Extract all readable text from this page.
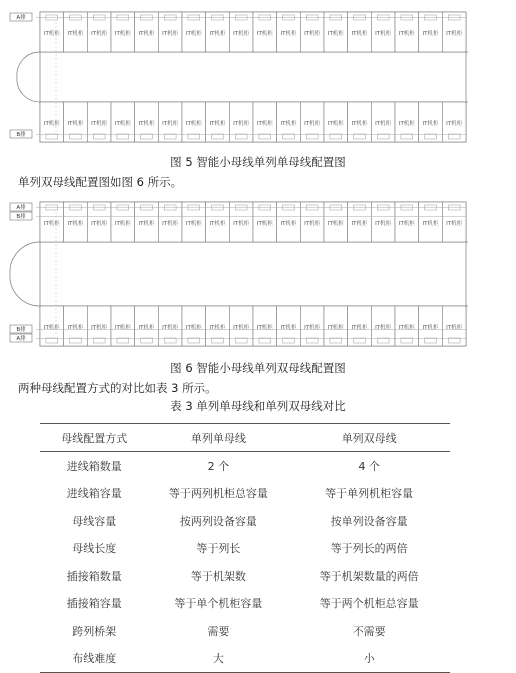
IT机柜 IT机柜 IT机柜 IT机柜 IT机柜 IT机柜 IT机柜 IT机柜 IT机柜 IT机柜 IT机柜 IT机柜 IT机柜 IT机柜 IT机柜 IT机柜 IT机柜 IT机柜
IT机柜 IT机柜 IT机柜 IT机柜 IT机柜 IT机柜 IT机柜 IT机柜 IT机柜 IT机柜 IT机柜 IT机柜 IT机柜 IT机柜 IT机柜 IT机柜 IT机柜 IT机柜
A排
B排
图 5 智能小母线单列单母线配置图
单列双母线配置图如图 6 所示。
IT机柜 IT机柜 IT机柜 IT机柜 IT机柜 IT机柜 IT机柜 IT机柜 IT机柜 IT机柜 IT机柜 IT机柜 IT机柜 IT机柜 IT机柜 IT机柜 IT机柜 IT机柜
IT机柜 IT机柜 IT机柜 IT机柜 IT机柜 IT机柜 IT机柜 IT机柜 IT机柜 IT机柜 IT机柜 IT机柜 IT机柜 IT机柜 IT机柜 IT机柜 IT机柜 IT机柜
A排
B排
B排
A排
图 6 智能小母线单列双母线配置图
两种母线配置方式的对比如表 3 所示。
表 3 单列单母线和单列双母线对比
母线配置方式	单列单母线	单列双母线
进线箱数量	2 个	4 个
进线箱容量	等于两列机柜总容量	等于单列机柜容量
母线容量	按两列设备容量	按单列设备容量
母线长度	等于列长	等于列长的两倍
插接箱数量	等于机架数	等于机架数量的两倍
插接箱容量	等于单个机柜容量	等于两个机柜总容量
跨列桥架	需要	不需要
布线难度	大	小
